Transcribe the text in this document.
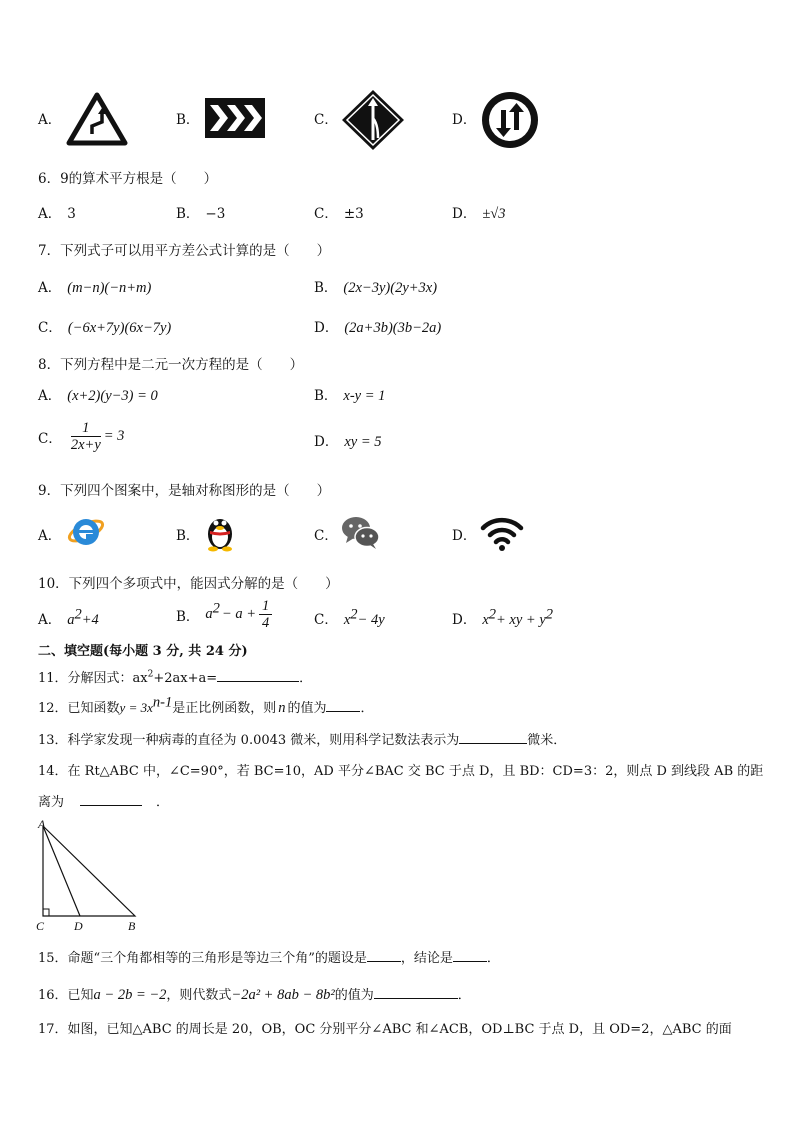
A．	B．	C．	D．
6．9的算术平方根是（　　）
A． 3	B． −3	C． ±3	D． ±√3
7．下列式子可以用平方差公式计算的是（　　）
A． (m−n)(−n+m)	B． (2x−3y)(2y+3x)
C． (−6x+7y)(6x−7y)	D． (2a+3b)(3b−2a)
8．下列方程中是二元一次方程的是（　　）
A． (x+2)(y−3) = 0	B． x-y = 1
C． $\frac{1}{2x+y} = 3$	D． xy = 5
9．下列四个图案中，是轴对称图形的是（　　）
A．	B．	C．	D．
10．下列四个多项式中，能因式分解的是（　　）
A． $a^2+4$	B． $a^2 - a + \frac{1}{4}$	C． $x^2- 4y$	D． $x^2+$ xy + $y^2$
二、填空题(每小题 3 分, 共 24 分)
11．分解因式：$ax^2+2ax+a=$	．
12．已知函数$y = 3x^{n-1}$是正比例函数，则 n 的值为	．
13．科学家发现一种病毒的直径为 0.0043 微米，则用科学记数法表示为	微米．
14．在 Rt△ABC 中，∠C=90°，若 BC=10，AD 平分∠BAC 交 BC 于点 D，且 BD：CD=3：2，则点 D 到线段 AB 的距
离为	．
A
C D	B
15．命题“三个角都相等的三角形是等边三个角”的题设是	，结论是	．
16．已知a − 2b = −2，则代数式−2a² + 8ab − 8b²的值为	．
17．如图，已知△ABC 的周长是 20，OB，OC 分别平分∠ABC 和∠ACB，OD⊥BC 于点 D，且 OD=2，△ABC 的面
